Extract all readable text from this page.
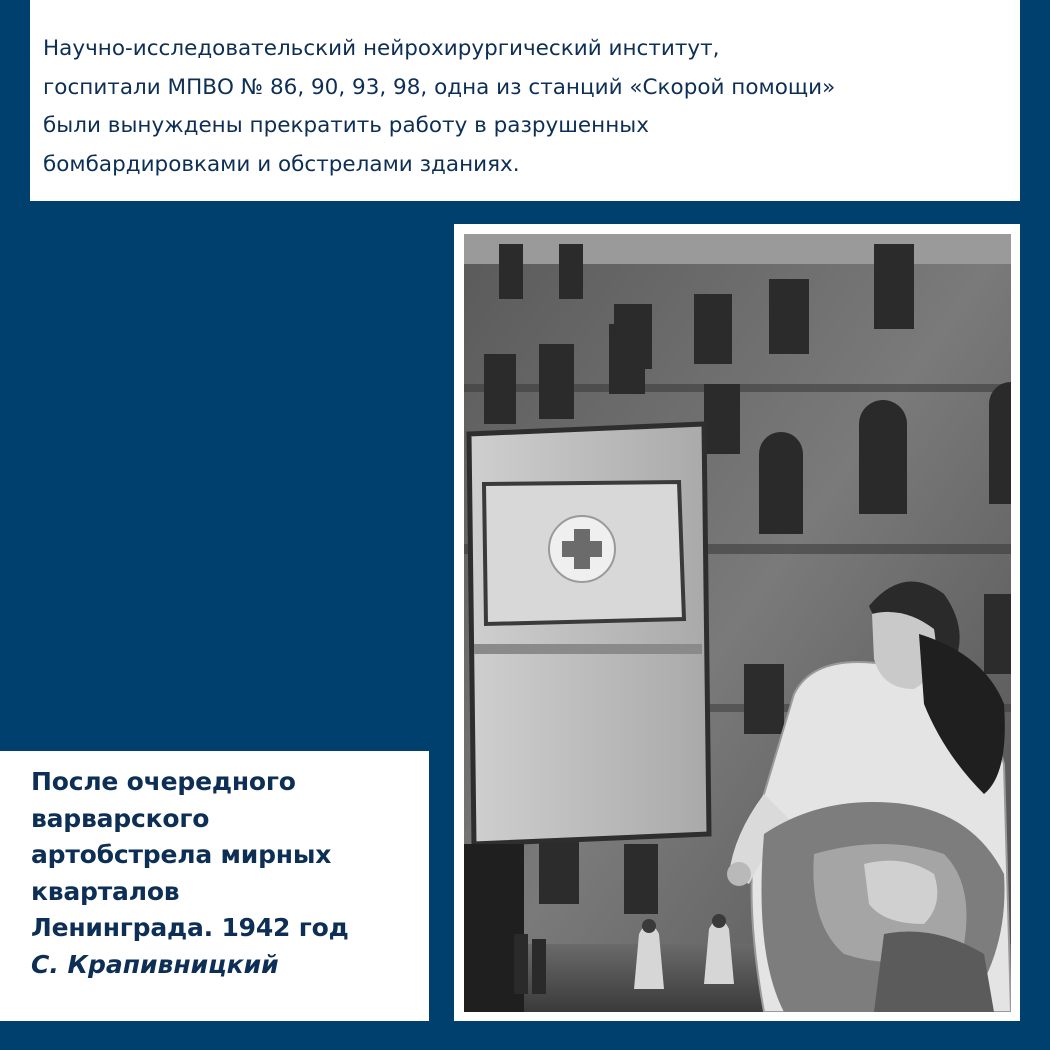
Научно-исследовательский нейрохирургический институт,
госпитали МПВО № 86, 90, 93, 98, одна из станций «Скорой помощи»
были вынуждены прекратить работу в разрушенных
бомбардировками и обстрелами зданиях.

После очередного
варварского
артобстрела мирных
кварталов
Ленинграда. 1942 год

С. Крапивницкий
